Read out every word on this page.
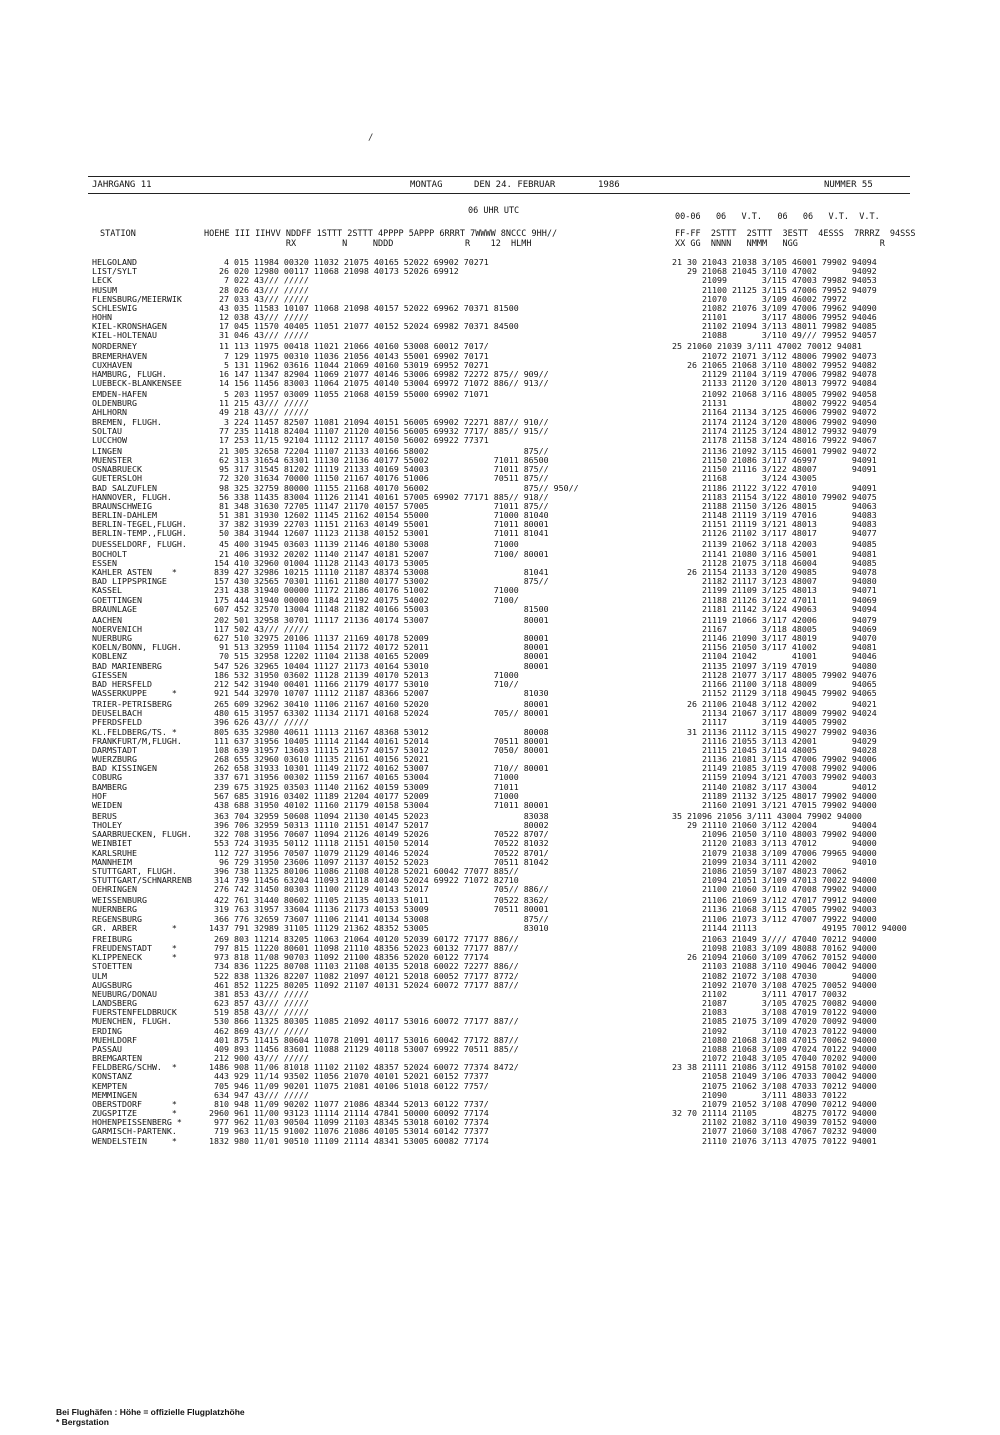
/
JAHRGANG 11	MONTAG	DEN 24. FEBRUAR	1986	NUMMER 55
06 UHR UTC
00-06   06   V.T.   06   06   V.T.  V.T.
STATION	HOEHE III IIHVV NDDFF 1STTT 2STTT 4PPPP 5APPP 6RRRT 7WWWW 8NCCC 9HH//
RX         N     NDDD              R    12  HLMH
FF-FF  2STTT  2STTT  3ESTT  4ESSS  7RRRZ  94SSS
XX GG  NNNN   NMMM   NGG                R
HELGOLAND	4 015 11984 00320 11032 21075 40165 52022 69902 70271	21 30 21043 21038 3/105 46001 79902 94094
LIST/SYLT	26 020 12980 00117 11068 21098 40173 52026 69912	29 21068 21045 3/110 47002       94092
LECK	7 022 43/// /////	21099       3/115 47003 79982 94053
HUSUM	28 026 43/// /////	21100 21125 3/115 47006 79952 94079
FLENSBURG/MEIERWIK	27 033 43/// /////	21070       3/109 46002 79972
SCHLESWIG	43 035 11583 10107 11068 21098 40157 52022 69962 70371 81500	21082 21076 3/109 47006 79962 94090
HOHN	12 038 43/// /////	21101       3/117 48006 79952 94046
KIEL-KRONSHAGEN	17 045 11570 40405 11051 21077 40152 52024 69982 70371 84500	21102 21094 3/113 48011 79982 94085
KIEL-HOLTENAU	31 046 43/// /////	21088       3/110 49/// 79952 94057
NORDERNEY	11 113 11975 00418 11021 21066 40160 53008 60012 7017/	25 21060 21039 3/111 47002 70012 94081
BREMERHAVEN	7 129 11975 00310 11036 21056 40143 55001 69902 70171	21072 21071 3/112 48006 79902 94073
CUXHAVEN	5 131 11962 03616 11044 21069 40160 53019 69952 70271	26 21065 21068 3/110 48002 79952 94082
HAMBURG, FLUGH.	16 147 11347 82904 11069 21077 40146 53006 69982 72272 875// 909//	21129 21104 3/119 47006 79982 94078
LUEBECK-BLANKENSEE	14 156 11456 83003 11064 21075 40140 53004 69972 71072 886// 913//	21133 21120 3/120 48013 79972 94084
EMDEN-HAFEN	5 203 11957 03009 11055 21068 40159 55000 69902 71071	21092 21068 3/116 48005 79902 94058
OLDENBURG	11 215 43/// /////	21131             48002 79922 94054
AHLHORN	49 218 43/// /////	21164 21134 3/125 46006 79902 94072
BREMEN, FLUGH.	3 224 11457 82507 11081 21094 40151 56005 69902 72271 887// 910//	21174 21124 3/120 48006 79902 94090
SOLTAU	77 235 11418 82404 11107 21120 40156 56005 69932 7717/ 885// 915//	21174 21125 3/124 48012 79932 94079
LUCCHOW	17 253 11/15 92104 11112 21117 40150 56002 69922 77371	21178 21158 3/124 48016 79922 94067
LINGEN	21 305 32658 72204 11107 21133 40166 58002                   875//	21136 21092 3/115 46001 79902 94072
MUENSTER	62 313 31654 63301 11130 21136 40177 55002             71011 86500	21150 21086 3/117 46997       94091
OSNABRUECK	95 317 31545 81202 11119 21133 40169 54003             71011 875//	21150 21116 3/122 48007       94091
GUETERSLOH	72 320 31634 70000 11150 21167 40176 51006             70511 875//	21168       3/124 43005
BAD SALZUFLEN	98 325 32759 80000 11155 21168 40170 56002                   875// 950//	21186 21122 3/122 47010       94091
HANNOVER, FLUGH.	56 338 11435 83004 11126 21141 40161 57005 69902 77171 885// 918//	21183 21154 3/122 48010 79902 94075
BRAUNSCHWEIG	81 348 31630 72705 11147 21170 40157 57005             71011 875//	21188 21150 3/126 48015       94063
BERLIN-DAHLEM	51 381 31930 12602 11145 21162 40154 55000             71000 81040	21148 21119 3/119 47016       94083
BERLIN-TEGEL,FLUGH. 37 382 31939 22703 11151 21163 40149 55001             71011 80001	21151 21119 3/121 48013       94083
BERLIN-TEMP.,FLUGH. 50 384 31944 12607 11123 21138 40152 53001             71011 81041	21126 21102 3/117 48017       94077
DUESSELDORF, FLUGH. 45 400 31945 03603 11139 21146 40180 53008             71000	21139 21062 3/118 42003       94085
BOCHOLT	21 406 31932 20202 11140 21147 40181 52007             7100/ 80001	21141 21080 3/116 45001       94081
ESSEN	154 410 32960 01004 11128 21143 40173 53005	21128 21075 3/118 46004       94085
KAHLER ASTEN    *	839 427 32986 10215 11110 21187 48374 53008                   81041	26 21154 21133 3/120 49085       94078
BAD LIPPSPRINGE	157 430 32565 70301 11161 21180 40177 53002                   875//	21182 21117 3/123 48007       94080
KASSEL	231 438 31940 00000 11172 21186 40176 51002             71000	21199 21109 3/125 48013       94071
GOETTINGEN	175 444 31940 00000 11184 21192 40175 54002             7100/	21188 21126 3/122 47011       94069
BRAUNLAGE	607 452 32570 13004 11148 21182 40166 55003                   81500	21181 21142 3/124 49063       94094
AACHEN	202 501 32958 30701 11117 21136 40174 53007                   80001	21119 21066 3/117 42006       94079
NOERVENICH	117 502 43/// /////	21167       3/118 48005       94069
NUERBURG	627 510 32975 20106 11137 21169 40178 52009                   80001	21146 21090 3/117 48019       94070
KOELN/BONN, FLUGH.	91 513 32959 11104 11154 21172 40172 52011                   80001	21156 21050 3/117 41002       94081
KOBLENZ	70 515 32958 12202 11104 21138 40165 52009                   80001	21104 21042       41001       94046
BAD MARIENBERG	547 526 32965 10404 11127 21173 40164 53010                   80001	21135 21097 3/119 47019       94080
GIESSEN	186 532 31950 03602 11128 21139 40170 52013             71000	21128 21077 3/117 48005 79902 94076
BAD HERSFELD	212 542 31940 00401 11166 21179 40177 53010             710//	21166 21100 3/118 48009       94065
WASSERKUPPE     *	921 544 32970 10707 11112 21187 48366 52007                   81030	21152 21129 3/118 49045 79902 94065
TRIER-PETRISBERG	265 609 32962 30410 11106 21167 40160 52020                   80001	26 21106 21048 3/112 42002       94021
DEUSELBACH	480 615 31957 63302 11134 21171 40168 52024             705// 80001	21134 21067 3/117 48009 79902 94024
PFERDSFELD	396 626 43/// /////	21117       3/119 44005 79902
KL.FELDBERG/TS. *	805 635 32980 40611 11113 21167 48368 53012                   80008	31 21136 21112 3/115 49027 79902 94036
FRANKFURT/M,FLUGH.	111 637 31956 10405 11114 21144 40161 52014             70511 80001	21116 21055 3/113 42001       94029
DARMSTADT	108 639 31957 13603 11115 21157 40157 53012             7050/ 80001	21115 21045 3/114 48005       94028
WUERZBURG	268 655 32960 03610 11135 21161 40156 52021	21136 21081 3/115 47006 79902 94006
BAD KISSINGEN	262 658 31933 10301 11149 21172 40162 53007             710// 80001	21149 21085 3/119 47008 79902 94006
COBURG	337 671 31956 00302 11159 21167 40165 53004             71000	21159 21094 3/121 47003 79902 94003
BAMBERG	239 675 31925 03503 11140 21162 40159 53009             71011	21140 21082 3/117 43004       94012
HOF	567 685 31916 03402 11189 21204 40177 52009             71000	21189 21132 3/125 48017 79902 94000
WEIDEN	438 688 31950 40102 11160 21179 40158 53004             71011 80001	21160 21091 3/121 47015 79902 94000
BERUS	363 704 32959 50608 11094 21130 40145 52023                   83038	35 21096 21056 3/111 43004 79902 94000
THOLEY	396 706 32959 50313 11110 21151 40147 52017                   80002	29 21110 21060 3/112 42004       94004
SAARBRUECKEN, FLUGH. 322 708 31956 70607 11094 21126 40149 52026             70522 8707/	21096 21050 3/110 48003 79902 94000
WEINBIET	553 724 31935 50112 11118 21151 40150 52014             70522 81032	21120 21083 3/113 47012       94000
KARLSRUHE	112 727 31956 70507 11079 21129 40146 52024             70522 8701/	21079 21038 3/109 47006 79965 94000
MANNHEIM	96 729 31950 23606 11097 21137 40152 52023             70511 81042	21099 21034 3/111 42002       94010
STUTTGART, FLUGH.	396 738 11325 80106 11086 21108 40128 52021 60042 77077 885//	21086 21059 3/107 48023 70062
STUTTGART/SCHNARRENB 314 739 11456 63204 11093 21118 40140 52024 69922 71072 82710	21094 21051 3/109 47013 70022 94000
OEHRINGEN	276 742 31450 80303 11100 21129 40143 52017             705// 886//	21100 21060 3/110 47008 79902 94000
WEISSENBURG	422 761 31440 80602 11105 21135 40133 51011             70522 8362/	21106 21069 3/112 47017 79912 94000
NUERNBERG	319 763 31957 33604 11136 21173 40153 53009             70511 80001	21136 21068 3/115 47005 79902 94003
REGENSBURG	366 776 32659 73607 11106 21141 40134 53008                   875//	21106 21073 3/112 47007 79922 94000
GR. ARBER       *	1437 791 32989 31105 11129 21362 48352 53005                   83010	21144 21113             49195 70012 94000
FREIBURG	269 803 11214 83205 11063 21064 40120 52039 60172 77177 886//	21063 21049 3//// 47040 70212 94000
FREUDENSTADT    *	797 815 11220 80601 11098 21110 48356 52023 60132 77177 887//	21098 21083 3/109 48088 70162 94000
KLIPPENECK      *	973 818 11/08 90703 11092 21100 48356 52020 60122 77174	26 21094 21060 3/109 47062 70152 94000
STOETTEN	734 836 11225 80708 11103 21108 40135 52018 60022 72277 886//	21103 21088 3/110 49046 70042 94000
ULM	522 838 11326 82207 11082 21097 40121 52018 60052 77177 8772/	21082 21072 3/108 47030       94000
AUGSBURG	461 852 11225 80205 11092 21107 40131 52024 60072 77177 887//	21092 21070 3/108 47025 70052 94000
NEUBURG/DONAU	381 853 43/// /////	21102       3/111 47017 70032
LANDSBERG	623 857 43/// /////	21087       3/105 47025 70082 94000
FUERSTENFELDBRUCK	519 858 43/// /////	21083       3/108 47019 70122 94000
MUENCHEN, FLUGH.	530 866 11325 80305 11085 21092 40117 53016 60072 77177 887//	21085 21075 3/109 47020 70092 94000
ERDING	462 869 43/// /////	21092       3/110 47023 70122 94000
MUEHLDORF	401 875 11415 80604 11078 21091 40117 53016 60042 77172 887//	21080 21068 3/108 47015 70062 94000
PASSAU	409 893 11456 83601 11088 21129 40118 53007 69922 70511 885//	21088 21068 3/109 47024 70122 94000
BREMGARTEN	212 900 43/// /////	21072 21048 3/105 47040 70202 94000
FELDBERG/SCHW.  *	1486 908 11/06 81018 11102 21102 48357 52024 60072 77374 8472/	23 38 21111 21086 3/112 49158 70102 94000
KONSTANZ	443 929 11/14 93502 11056 21070 40101 52021 60152 77377	21058 21049 3/106 47033 70042 94000
KEMPTEN	705 946 11/09 90201 11075 21081 40106 51018 60122 7757/	21075 21062 3/108 47033 70212 94000
MEMMINGEN	634 947 43/// /////	21090       3/111 48033 70122
OBERSTDORF      *	810 948 11/09 90202 11077 21086 48344 52013 60122 7737/	21079 21052 3/108 47090 70212 94000
ZUGSPITZE       *	2960 961 11/00 93123 11114 21114 47841 50000 60092 77174	32 70 21114 21105       48275 70172 94000
HOHENPEISSENBERG *	977 962 11/03 90504 11099 21103 48345 53018 60102 77374	21102 21082 3/110 49039 70152 94000
GARMISCH-PARTENK.	719 963 11/15 91002 11076 21086 40105 53014 60142 77377	21077 21060 3/108 47067 70232 94000
WENDELSTEIN     *	1832 980 11/01 90510 11109 21114 48341 53005 60082 77174	21110 21076 3/113 47075 70122 94001
Bei Flughäfen : Höhe = offizielle Flugplatzhöhe
* Bergstation
